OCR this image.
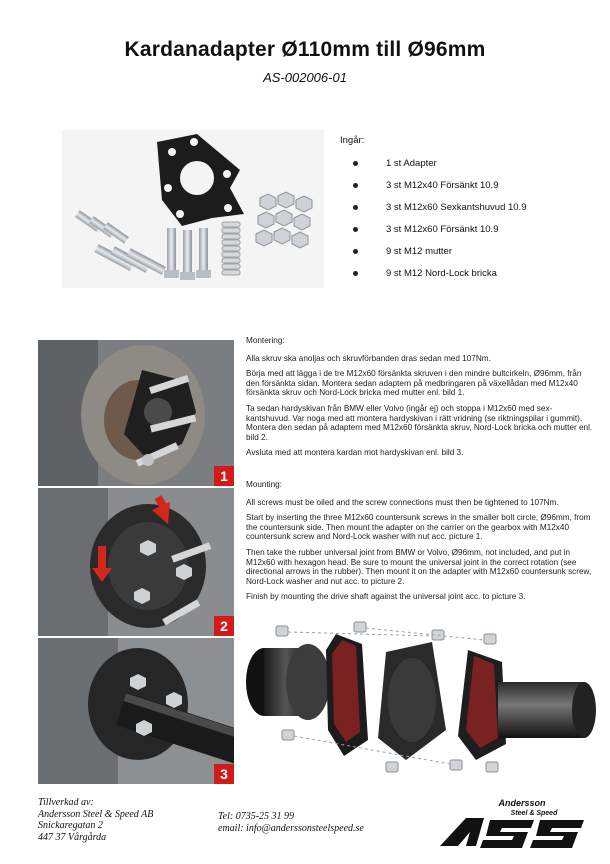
Kardanadapter Ø110mm till Ø96mm
AS-002006-01
Ingår:
1 st Adapter
3 st M12x40 Försänkt 10.9
3 st M12x60 Sexkantshuvud 10.9
3 st M12x60 Försänkt 10.9
9 st M12 mutter
9 st M12 Nord-Lock bricka
1
2
3

Montering:

Alla skruv ska anoljas och skruvförbanden dras sedan med 107Nm.

Börja med att lägga i de tre M12x60 försänkta skruven i den mindre bultcirkeln, Ø96mm, från den försänkta sidan. Montera sedan adaptern på medbringaren på växellådan med M12x40 försänkta skruv och Nord-Lock bricka med mutter enl. bild 1.

Ta sedan hardyskivan från BMW eller Volvo (ingår ej) och stoppa i M12x60 med sex-kantshuvud. Var noga med att montera hardyskivan i rätt vridning (se riktningspilar i gummit). Montera den sedan på adaptern med M12x60 försänkta skruv, Nord-Lock bricka och mutter enl. bild 2.

Avsluta med att montera kardan mot hardyskivan enl. bild 3.

Mounting:

All screws must be oiled and the screw connections must then be tightened to 107Nm.

Start by inserting the three M12x60 countersunk screws in the smaller bolt circle, Ø96mm, from the countersunk side. Then mount the adapter on the carrier on the gearbox with M12x40 countersunk screw and Nord-Lock washer with nut acc. picture 1.

Then take the rubber universal joint from BMW or Volvo, Ø96mm, not included, and put in M12x60 with hexagon head. Be sure to mount the universal joint in the correct rotation (see directional arrows in the rubber). Then mount it on the adapter with M12x60 countersunk screw, Nord-Lock washer and nut acc. to picture 2.

Finish by mounting the drive shaft against the universal joint acc. to picture 3.

Tillverkad av:
Andersson Steel & Speed AB
Snickaregatan 2
447 37 Vårgårda
Tel: 0735-25 31 99
email: info@anderssonsteelspeed.se
Andersson
Steel & Speed
